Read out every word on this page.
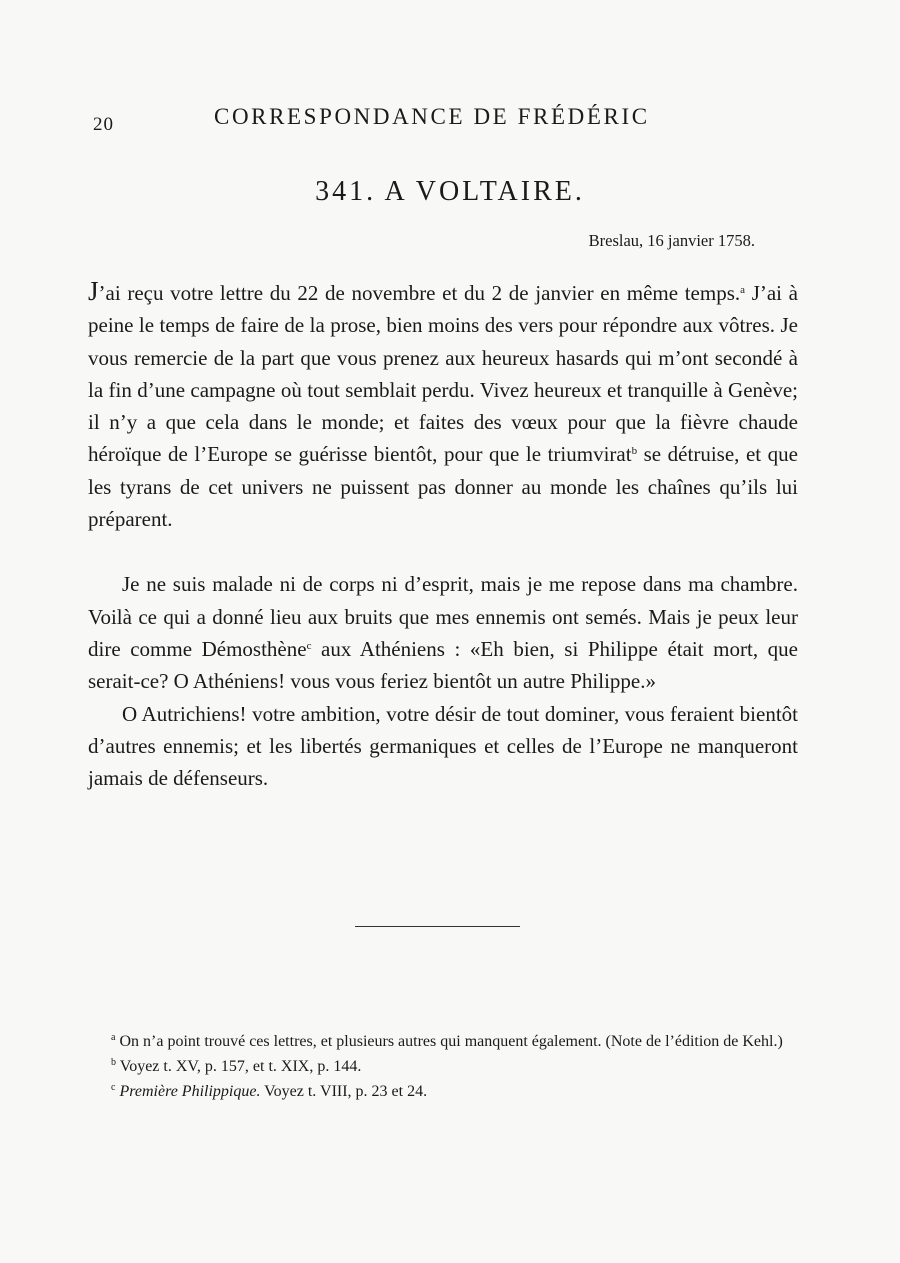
20	CORRESPONDANCE DE FRÉDÉRIC
341. A VOLTAIRE.
Breslau, 16 janvier 1758.

J’ai reçu votre lettre du 22 de novembre et du 2 de janvier en même temps.$^a$ J’ai à peine le temps de faire de la prose, bien moins des vers pour répondre aux vôtres. Je vous remercie de la part que vous prenez aux heureux hasards qui m’ont secondé à la fin d’une campagne où tout semblait perdu. Vivez heureux et tranquille à Genève; il n’y a que cela dans le monde; et faites des vœux pour que la fièvre chaude héroïque de l’Europe se guérisse bientôt, pour que le triumvirat$^b$ se détruise, et que les tyrans de cet univers ne puissent pas donner au monde les chaînes qu’ils lui préparent.

Je ne suis malade ni de corps ni d’esprit, mais je me repose dans ma chambre. Voilà ce qui a donné lieu aux bruits que mes ennemis ont semés. Mais je peux leur dire comme Démosthène$^c$ aux Athéniens : «Eh bien, si Philippe était mort, que serait-ce? O Athéniens! vous vous feriez bientôt un autre Philippe.»

O Autrichiens! votre ambition, votre désir de tout dominer, vous feraient bientôt d’autres ennemis; et les libertés germaniques et celles de l’Europe ne manqueront jamais de défenseurs.

$^a$ On n’a point trouvé ces lettres, et plusieurs autres qui manquent également. (Note de l’édition de Kehl.)

$^b$ Voyez t. XV, p. 157, et t. XIX, p. 144.

$^c$ Première Philippique. Voyez t. VIII, p. 23 et 24.
